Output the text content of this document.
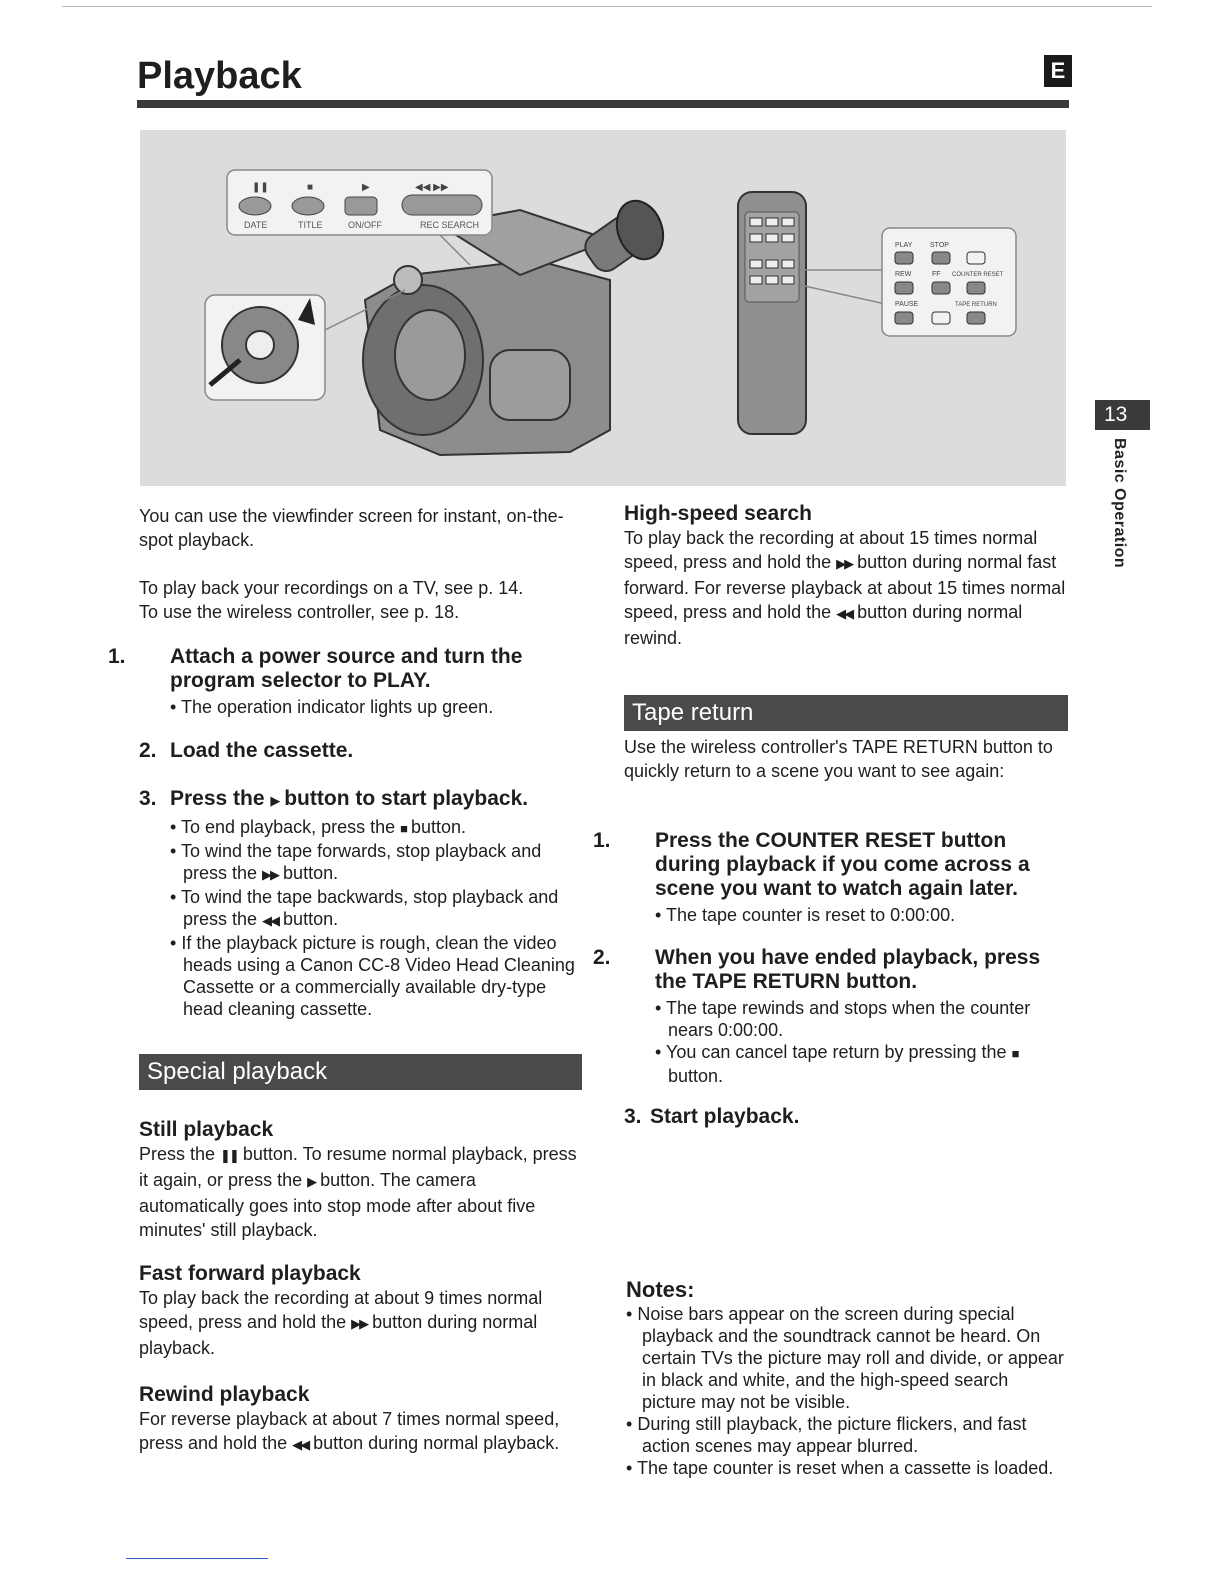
Playback	E
❚❚	■	▶	◀◀ ▶▶
DATE	TITLE	ON/OFF	REC SEARCH
PLAY	STOP
REW	FF COUNTER RESET
PAUSE	TAPE RETURN
13
Basic Operation

You can use the viewfinder screen for instant, on-the-spot playback.

To play back your recordings on a TV, see p. 14.

To use the wireless controller, see p. 18.

1. Attach a power source and turn the program selector to PLAY.

• The operation indicator lights up green.

2. Load the cassette.

3. Press the ▶ button to start playback.

• To end playback, press the ■ button.

• To wind the tape forwards, stop playback and press the ▶▶ button.

• To wind the tape backwards, stop playback and press the ◀◀ button.

• If the playback picture is rough, clean the video heads using a Canon CC-8 Video Head Cleaning Cassette or a commercially available dry-type head cleaning cassette.

Special playback

Still playback

Press the ❚❚ button. To resume normal playback, press it again, or press the ▶ button. The camera automatically goes into stop mode after about five minutes' still playback.

Fast forward playback

To play back the recording at about 9 times normal speed, press and hold the ▶▶ button during normal playback.

Rewind playback

For reverse playback at about 7 times normal speed, press and hold the ◀◀ button during normal playback.

High-speed search

To play back the recording at about 15 times normal speed, press and hold the ▶▶ button during normal fast forward. For reverse playback at about 15 times normal speed, press and hold the ◀◀ button during normal rewind.

Tape return

Use the wireless controller's TAPE RETURN button to quickly return to a scene you want to see again:

1. Press the COUNTER RESET button during playback if you come across a scene you want to watch again later.

• The tape counter is reset to 0:00:00.

2. When you have ended playback, press the TAPE RETURN button.

• The tape rewinds and stops when the counter nears 0:00:00.

• You can cancel tape return by pressing the ■ button.

3. Start playback.

Notes:

• Noise bars appear on the screen during special playback and the soundtrack cannot be heard. On certain TVs the picture may roll and divide, or appear in black and white, and the high-speed search picture may not be visible.

• During still playback, the picture flickers, and fast action scenes may appear blurred.

• The tape counter is reset when a cassette is loaded.
